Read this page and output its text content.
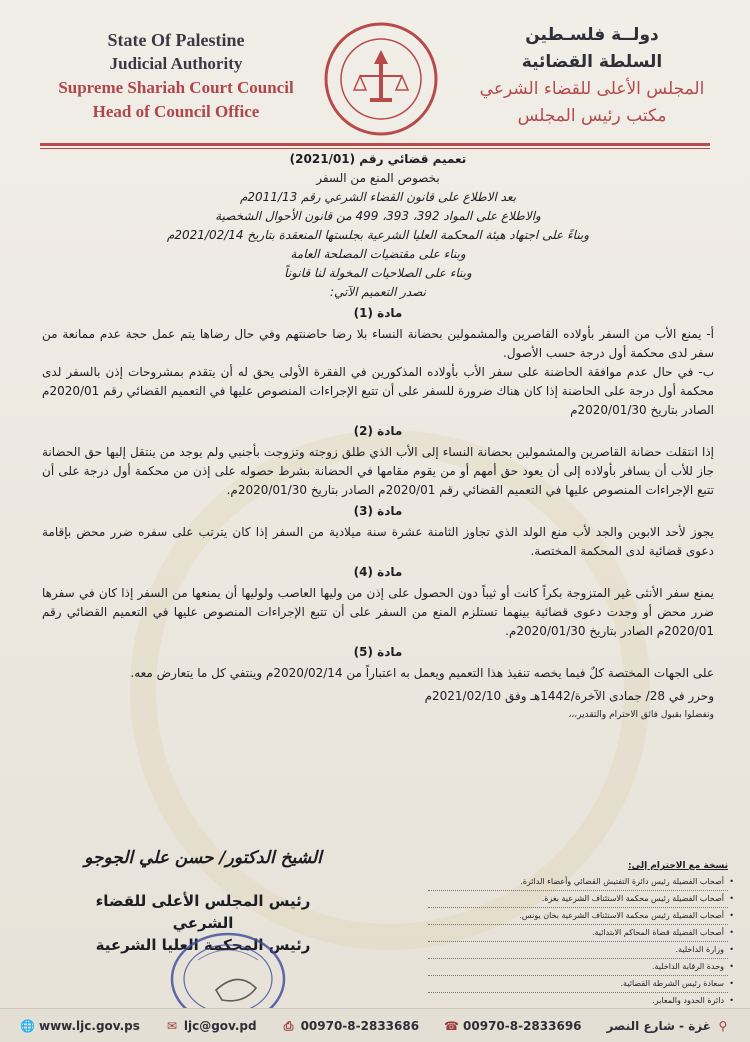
State Of Palestine
Judicial Authority
Supreme Shariah Court Council
Head of Council Office
دولــة فلسـطين
السلطة القضائية
المجلس الأعلى للقضاء الشرعي
مكتب رئيس المجلس
تعميم قضائي رقم (2021/01)
بخصوص المنع من السفر
بعد الاطلاع على قانون القضاء الشرعي رقم 2011/13م
والاطلاع على المواد 392، 393، 499 من قانون الأحوال الشخصية
وبناءً على اجتهاد هيئة المحكمة العليا الشرعية بجلستها المنعقدة بتاريخ 2021/02/14م
وبناء على مقتضيات المصلحة العامة
وبناء على الصلاحيات المخولة لنا قانوناً
نصدر التعميم الآتي:
مادة (1)
أ- يمنع الأب من السفر بأولاده القاصرين والمشمولين بحضانة النساء بلا رضا حاضنتهم وفي حال رضاها يتم عمل حجة عدم ممانعة من سفر لدى محكمة أول درجة حسب الأصول.
ب- في حال عدم موافقة الحاضنة على سفر الأب بأولاده المذكورين في الفقرة الأولى يحق له أن يتقدم بمشروحات إذن بالسفر لدى محكمة أول درجة على الحاضنة إذا كان هناك ضرورة للسفر على أن تتبع الإجراءات المنصوص عليها في التعميم القضائي رقم 2020/01م الصادر بتاريخ 2020/01/30م
مادة (2)
إذا انتقلت حضانة القاصرين والمشمولين بحضانة النساء إلى الأب الذي طلق زوجته وتزوجت بأجنبي ولم يوجد من ينتقل إليها حق الحضانة جاز للأب أن يسافر بأولاده إلى أن يعود حق أمهم أو من يقوم مقامها في الحضانة بشرط حصوله على إذن من محكمة أول درجة على أن تتبع الإجراءات المنصوص عليها في التعميم القضائي رقم 2020/01م الصادر بتاريخ 2020/01/30م.
مادة (3)
يجوز لأحد الابوين والجد لأب منع الولد الذي تجاوز الثامنة عشرة سنة ميلادية من السفر إذا كان يترتب على سفره ضرر محض بإقامة دعوى قضائية لدى المحكمة المختصة.
مادة (4)
يمنع سفر الأنثى غير المتزوجة بكراً كانت أو ثيباً دون الحصول على إذن من وليها العاصب ولوليها أن يمنعها من السفر إذا كان في سفرها ضرر محض أو وجدت دعوى قضائية بينهما تستلزم المنع من السفر على أن تتبع الإجراءات المنصوص عليها في التعميم القضائي رقم 2020/01م الصادر بتاريخ 2020/01/30م.
مادة (5)
على الجهات المختصة كلٌ فيما يخصه تنفيذ هذا التعميم ويعمل به اعتباراً من 2020/02/14م وينتفي كل ما يتعارض معه.
وحرر في 28/ جمادى الآخرة/1442هـ وفق 2021/02/10م
وتفضلوا بقبول فائق الاحترام والتقدير،،،
نسخة مع الاحترام إلى:
• أصحاب الفضيلة رئيس دائرة التفتيش القضائي وأعضاء الدائرة.
• أصحاب الفضيلة رئيس محكمة الاستئناف الشرعية بغزة.
• أصحاب الفضيلة رئيس محكمة الاستئناف الشرعية بخان يونس.
• أصحاب الفضيلة قضاة المحاكم الابتدائية.
• وزارة الداخلية.
• وحدة الرقابة الداخلية.
• سعادة رئيس الشرطة القضائية.
• دائرة الحدود والمعابر.
•
الشيخ الدكتور/ حسن علي الجوجو
رئيس المجلس الأعلى للقضاء الشرعي
رئيس المحكمة العليا الشرعية
🌐 www.ljc.gov.ps ✉ ljc@gov.pd ⎙ 00970-8-2833686 ☎ 00970-8-2833696 غزة - شارع النصر ⚲
